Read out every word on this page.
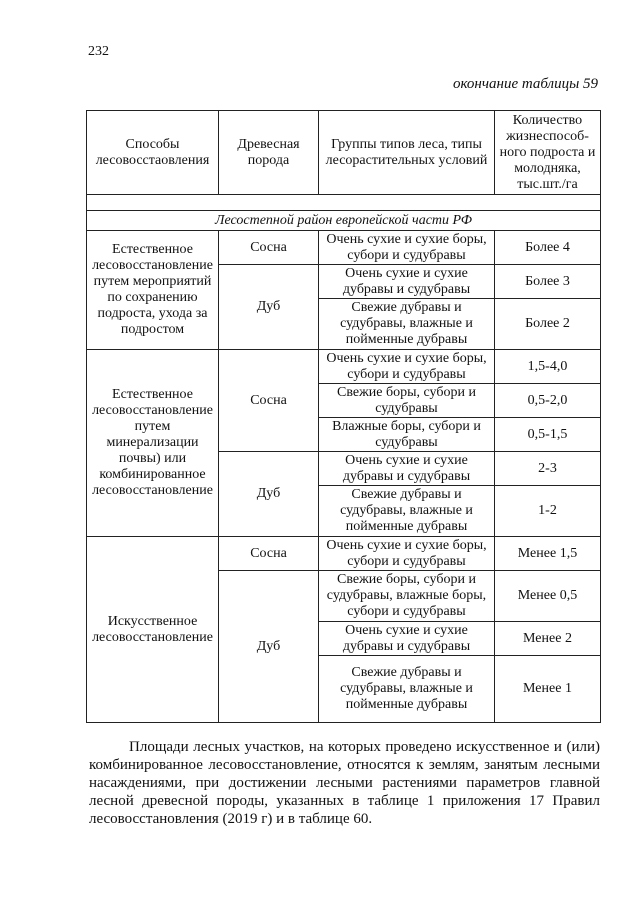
232
окончание таблицы 59
Способы лесовосстаовления	Древесная порода	Группы типов леса, типы лесорастительных условий	Количество жизнеспособ-ного подроста и молодняка, тыс.шт./га

Лесостепной район европейской части РФ			
Естественное лесовосстановление путем мероприятий по сохранению подроста, ухода за подростом	Сосна	Очень сухие и сухие боры, субори и судубравы	Более 4
	Дуб	Очень сухие и сухие дубравы и судубравы	Более 3
		Свежие дубравы и судубравы, влажные и пойменные дубравы	Более 2
Естественное лесовосстановление путем минерализации почвы) или комбинированное лесовосстановление	Сосна	Очень сухие и сухие боры, субори и судубравы	1,5-4,0
		Свежие боры, субори и судубравы	0,5-2,0
		Влажные боры, субори и судубравы	0,5-1,5
	Дуб	Очень сухие и сухие дубравы и судубравы	2-3
		Свежие дубравы и судубравы, влажные и пойменные дубравы	1-2
Искусственное лесовосстановление	Сосна	Очень сухие и сухие боры, субори и судубравы	Менее 1,5
	Дуб	Свежие боры, субори и судубравы, влажные боры, субори и судубравы	Менее 0,5
		Очень сухие и сухие дубравы и судубравы	Менее 2
		Свежие дубравы и судубравы, влажные и пойменные дубравы	Менее 1

Площади лесных участков, на которых проведено искусственное и (или) комбинированное лесовосстановление, относятся к землям, занятым лесными насаждениями, при достижении лесными растениями параметров главной лесной древесной породы, указанных в таблице 1 приложения 17 Правил лесовосстановления (2019 г) и в таблице 60.
